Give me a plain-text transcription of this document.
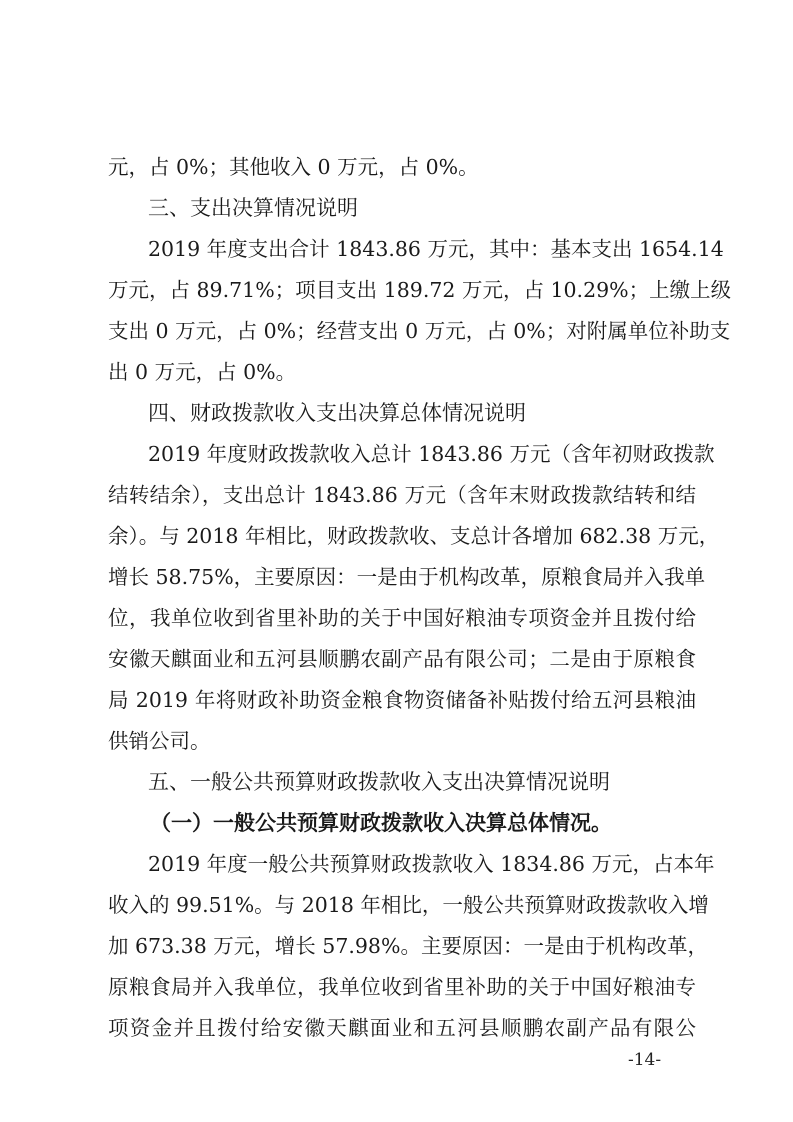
元，占 0%；其他收入 0 万元，占 0%。
三、支出决算情况说明
2019 年度支出合计 1843.86 万元，其中：基本支出 1654.14
万元，占 89.71%；项目支出 189.72 万元，占 10.29%；上缴上级
支出 0 万元，占 0%；经营支出 0 万元，占 0%；对附属单位补助支
出 0 万元，占 0%。
四、财政拨款收入支出决算总体情况说明
2019 年度财政拨款收入总计 1843.86 万元（含年初财政拨款
结转结余），支出总计 1843.86 万元（含年末财政拨款结转和结
余）。与 2018 年相比，财政拨款收、支总计各增加 682.38 万元，
增长 58.75%，主要原因：一是由于机构改革，原粮食局并入我单
位，我单位收到省里补助的关于中国好粮油专项资金并且拨付给
安徽天麒面业和五河县顺鹏农副产品有限公司；二是由于原粮食
局 2019 年将财政补助资金粮食物资储备补贴拨付给五河县粮油
供销公司。
五、一般公共预算财政拨款收入支出决算情况说明
（一）一般公共预算财政拨款收入决算总体情况。
2019 年度一般公共预算财政拨款收入 1834.86 万元，占本年
收入的 99.51%。与 2018 年相比，一般公共预算财政拨款收入增
加 673.38 万元，增长 57.98%。主要原因：一是由于机构改革，
原粮食局并入我单位，我单位收到省里补助的关于中国好粮油专
项资金并且拨付给安徽天麒面业和五河县顺鹏农副产品有限公
-14-
